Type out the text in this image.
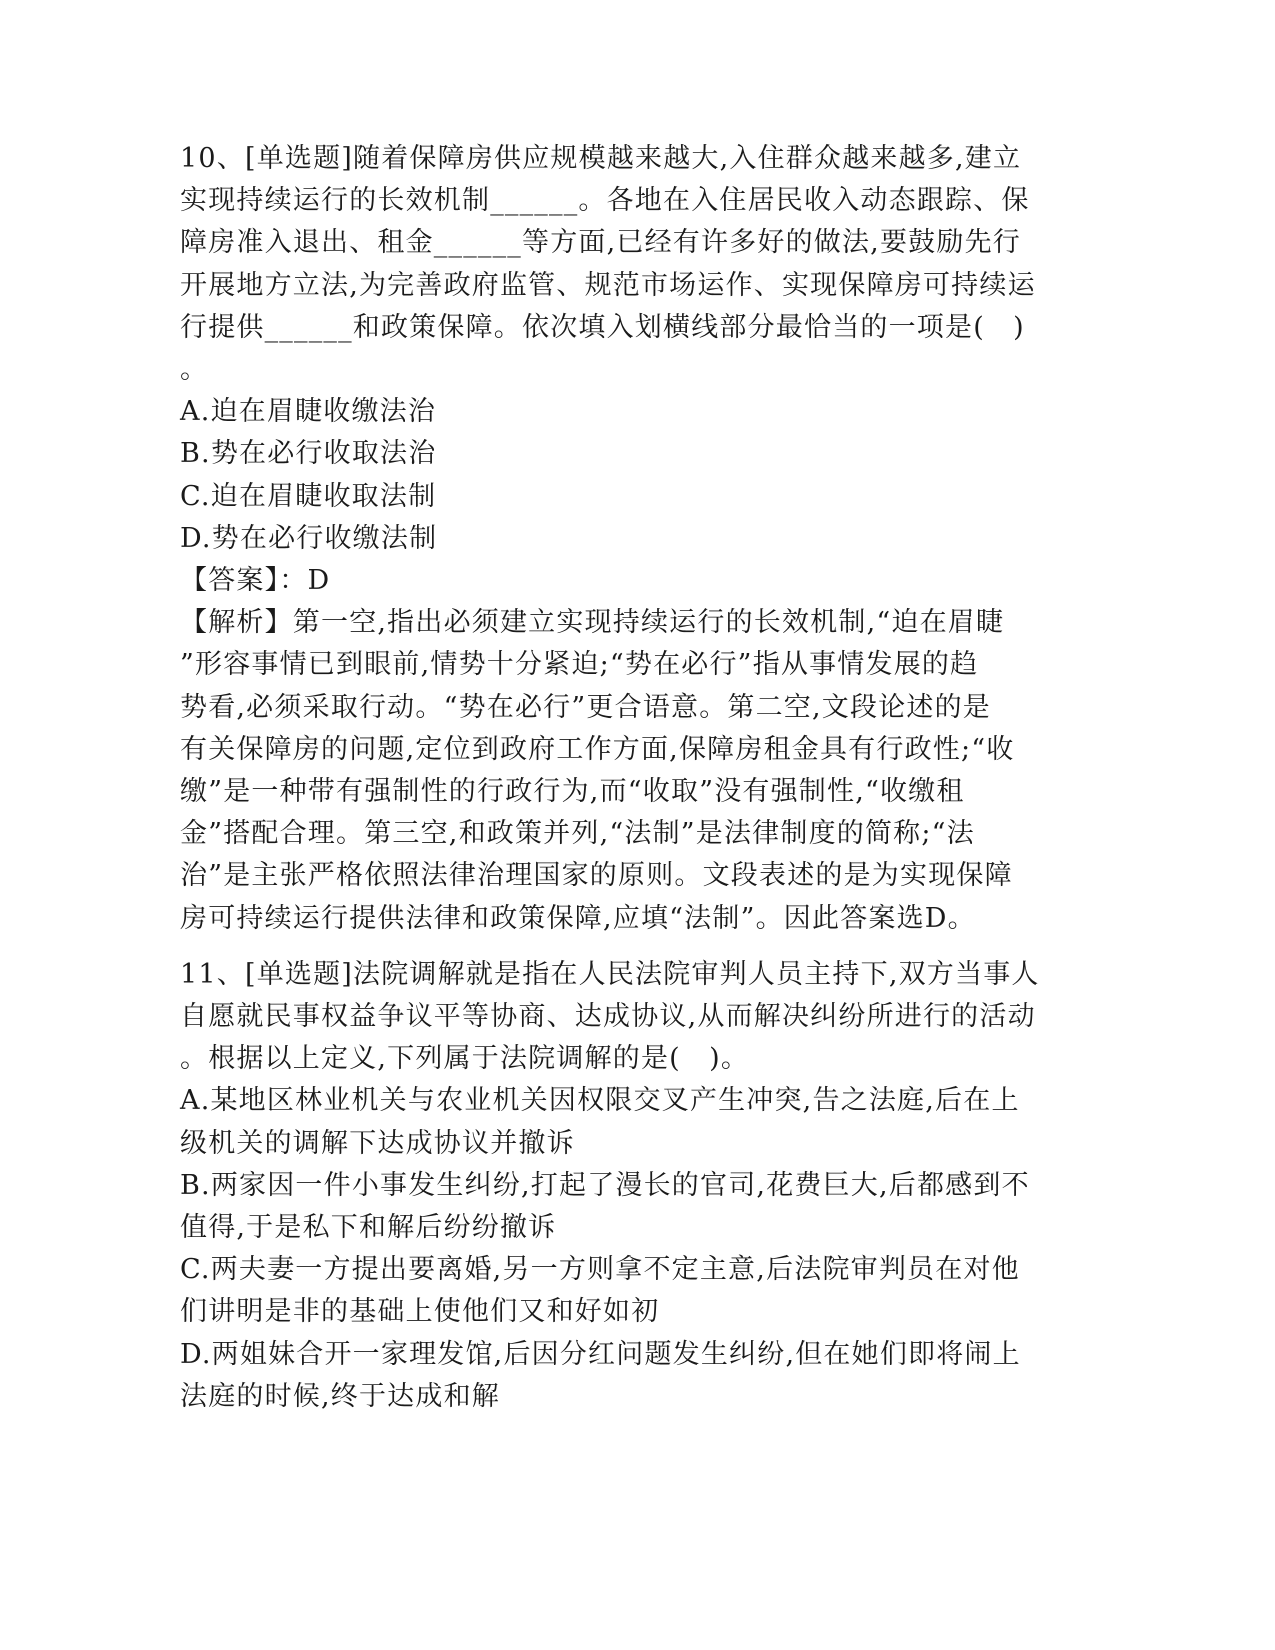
10、[单选题]随着保障房供应规模越来越大,入住群众越来越多,建立
实现持续运行的长效机制______。各地在入住居民收入动态跟踪、保
障房准入退出、租金______等方面,已经有许多好的做法,要鼓励先行
开展地方立法,为完善政府监管、规范市场运作、实现保障房可持续运
行提供______和政策保障。依次填入划横线部分最恰当的一项是(　)
。
A.迫在眉睫收缴法治
B.势在必行收取法治
C.迫在眉睫收取法制
D.势在必行收缴法制
【答案】：D
【解析】第一空,指出必须建立实现持续运行的长效机制,“迫在眉睫
”形容事情已到眼前,情势十分紧迫;“势在必行”指从事情发展的趋
势看,必须采取行动。“势在必行”更合语意。第二空,文段论述的是
有关保障房的问题,定位到政府工作方面,保障房租金具有行政性;“收
缴”是一种带有强制性的行政行为,而“收取”没有强制性,“收缴租
金”搭配合理。第三空,和政策并列,“法制”是法律制度的简称;“法
治”是主张严格依照法律治理国家的原则。文段表述的是为实现保障
房可持续运行提供法律和政策保障,应填“法制”。因此答案选D。
11、[单选题]法院调解就是指在人民法院审判人员主持下,双方当事人
自愿就民事权益争议平等协商、达成协议,从而解决纠纷所进行的活动
。根据以上定义,下列属于法院调解的是(　)。
A.某地区林业机关与农业机关因权限交叉产生冲突,告之法庭,后在上
级机关的调解下达成协议并撤诉
B.两家因一件小事发生纠纷,打起了漫长的官司,花费巨大,后都感到不
值得,于是私下和解后纷纷撤诉
C.两夫妻一方提出要离婚,另一方则拿不定主意,后法院审判员在对他
们讲明是非的基础上使他们又和好如初
D.两姐妹合开一家理发馆,后因分红问题发生纠纷,但在她们即将闹上
法庭的时候,终于达成和解
